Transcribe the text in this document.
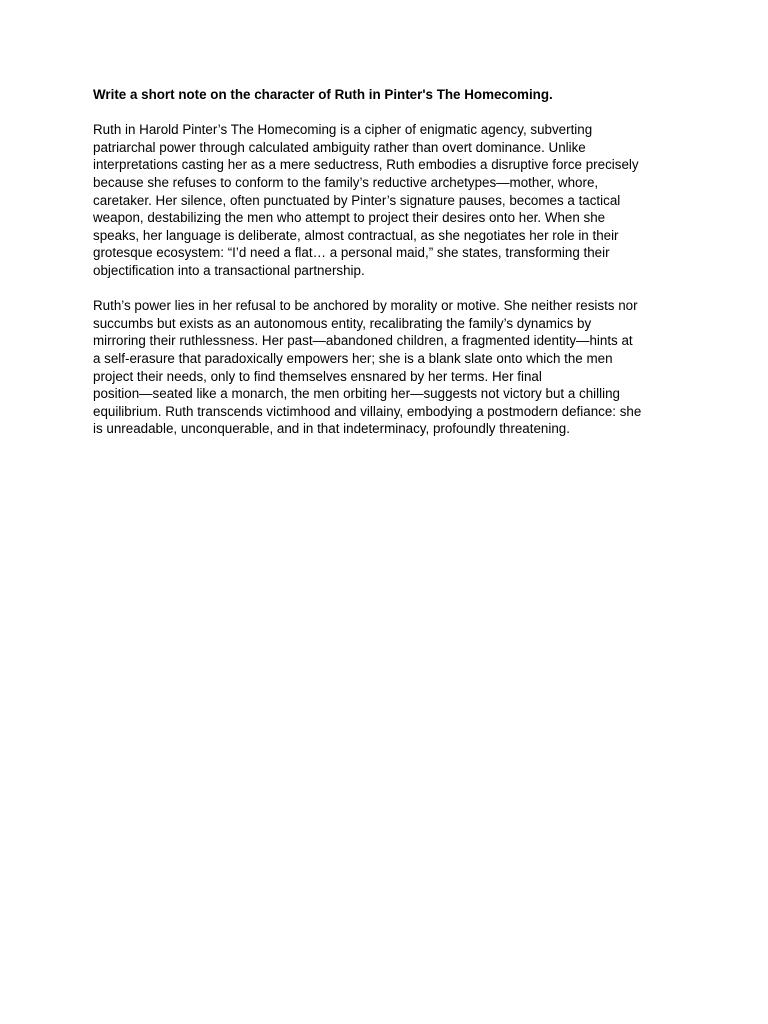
Write a short note on the character of Ruth in Pinter's The Homecoming.
Ruth in Harold Pinter’s The Homecoming is a cipher of enigmatic agency, subverting
patriarchal power through calculated ambiguity rather than overt dominance. Unlike
interpretations casting her as a mere seductress, Ruth embodies a disruptive force precisely
because she refuses to conform to the family’s reductive archetypes—mother, whore,
caretaker. Her silence, often punctuated by Pinter’s signature pauses, becomes a tactical
weapon, destabilizing the men who attempt to project their desires onto her. When she
speaks, her language is deliberate, almost contractual, as she negotiates her role in their
grotesque ecosystem: “I’d need a flat… a personal maid,” she states, transforming their
objectification into a transactional partnership.
Ruth’s power lies in her refusal to be anchored by morality or motive. She neither resists nor
succumbs but exists as an autonomous entity, recalibrating the family’s dynamics by
mirroring their ruthlessness. Her past—abandoned children, a fragmented identity—hints at
a self-erasure that paradoxically empowers her; she is a blank slate onto which the men
project their needs, only to find themselves ensnared by her terms. Her final
position—seated like a monarch, the men orbiting her—suggests not victory but a chilling
equilibrium. Ruth transcends victimhood and villainy, embodying a postmodern defiance: she
is unreadable, unconquerable, and in that indeterminacy, profoundly threatening.
